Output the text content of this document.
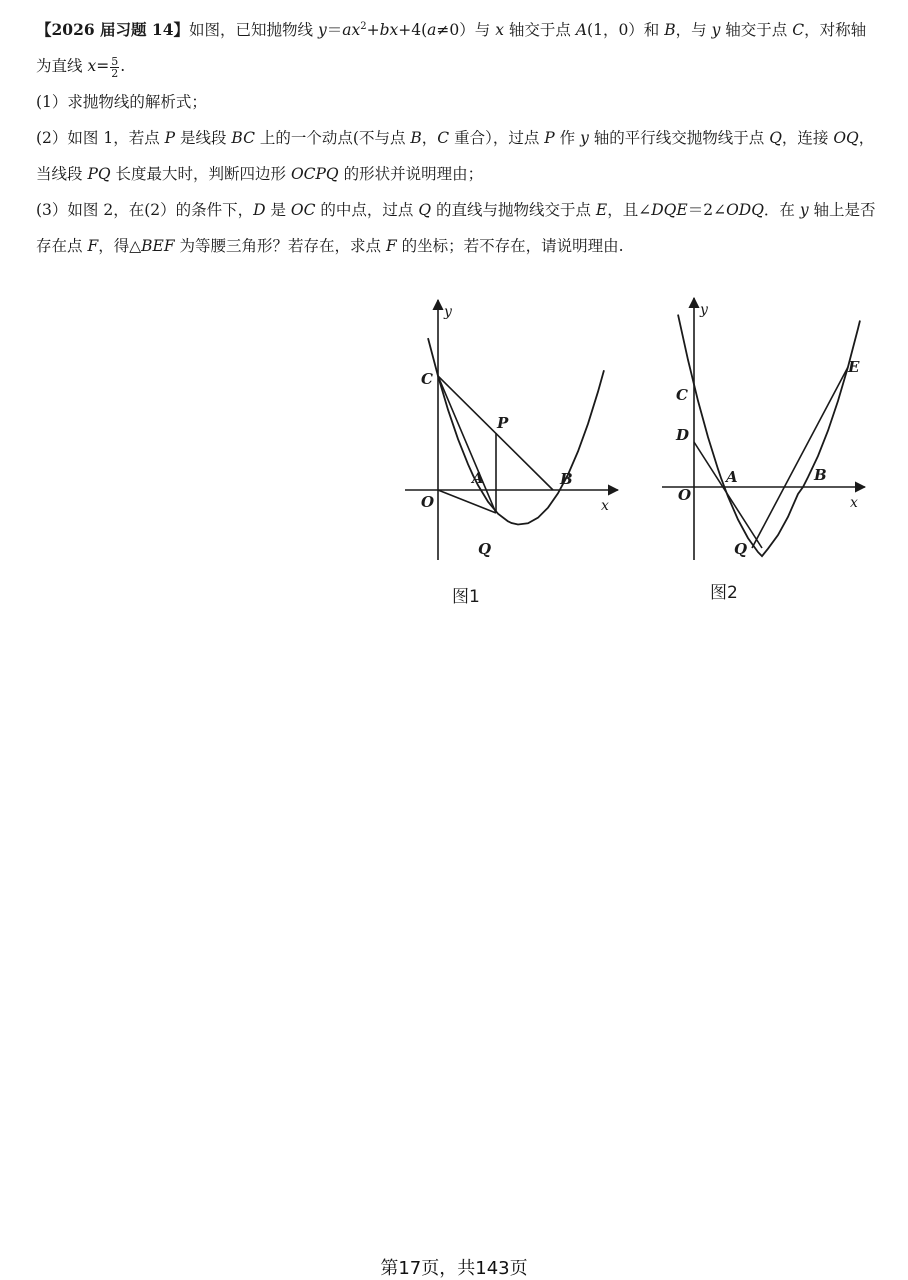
【2026 届习题 14】如图，已知抛物线 $y=ax^2+bx+4(a\ne 0)$与 x 轴交于点 A(1，0）和 B，与 y 轴交于点 C，对称轴为直线 $x= \frac{5}{2}$ .

(1）求抛物线的解析式；

(2）如图 1，若点 P 是线段 BC 上的一个动点(不与点 B，C 重合），过点 P 作 y 轴的平行线交抛物线于点 Q，连接 OQ，当线段 PQ 长度最大时，判断四边形 OCPQ 的形状并说明理由；

(3）如图 2，在(2）的条件下，D 是 OC 的中点，过点 Q 的直线与抛物线交于点 E，且∠DQE＝2∠ODQ．在 y 轴上是否存在点 F，得△BEF 为等腰三角形？若存在，求点 F 的坐标；若不存在，请说明理由.

y
x
C
P
A	B
O
Q
图1
y
x
C
D
A	B
E
O
Q
图2
第17页，共143页
